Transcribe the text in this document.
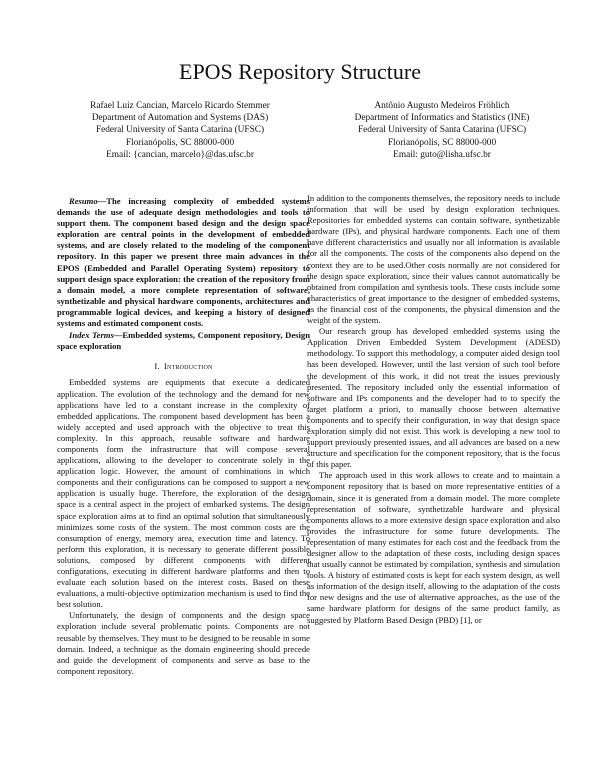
EPOS Repository Structure
Rafael Luiz Cancian, Marcelo Ricardo Stemmer
Department of Automation and Systems (DAS)
Federal University of Santa Catarina (UFSC)
Florianópolis, SC 88000-000
Email: {cancian, marcelo}@das.ufsc.br
Antônio Augusto Medeiros Fröhlich
Department of Informatics and Statistics (INE)
Federal University of Santa Catarina (UFSC)
Florianópolis, SC 88000-000
Email: guto@lisha.ufsc.br

Resumo—The increasing complexity of embedded systems demands the use of adequate design methodologies and tools to support them. The component based design and the design space exploration are central points in the development of embedded systems, and are closely related to the modeling of the component repository. In this paper we present three main advances in the EPOS (Embedded and Parallel Operating System) repository to support design space exploration: the creation of the repository from a domain model, a more complete representation of software, synthetizable and physical hardware components, architectures and programmable logical devices, and keeping a history of designed systems and estimated component costs.

Index Terms—Embedded systems, Component repository, Design space exploration

I. Introduction

Embedded systems are equipments that execute a dedicated application. The evolution of the technology and the demand for new applications have led to a constant increase in the complexity of embedded applications. The component based development has been a widely accepted and used approach with the objective to treat this complexity. In this approach, reusable software and hardware components form the infrastructure that will compose several applications, allowing to the developer to concentrate solely in the application logic. However, the amount of combinations in which components and their configurations can be composed to support a new application is usually huge. Therefore, the exploration of the design space is a central aspect in the project of embarked systems. The design space exploration aims at to find an optimal solution that simultaneously minimizes some costs of the system. The most common costs are the consumption of energy, memory area, execution time and latency. To perform this exploration, it is necessary to generate different possible solutions, composed by different components with different configurations, executing in different hardware platforms and then to evaluate each solution based on the interest costs. Based on these evaluations, a multi-objective optimization mechanism is used to find the best solution.

Unfortunately, the design of components and the design space exploration include several problematic points. Components are not reusable by themselves. They must to be designed to be reusable in some domain. Indeed, a technique as the domain engineering should precede and guide the development of components and serve as base to the component repository.

In addition to the components themselves, the repository needs to include information that will be used by design exploration techniques. Repositories for embedded systems can contain software, synthetizable hardware (IPs), and physical hardware components. Each one of them have different characteristics and usually nor all information is available for all the components. The costs of the components also depend on the context they are to be used.Other costs normally are not considered for the design space exploration, since their values cannot automatically be obtained from compilation and synthesis tools. These costs include some characteristics of great importance to the designer of embedded systems, as the financial cost of the components, the physical dimension and the weight of the system.

Our research group has developed embedded systems using the Application Driven Embedded System Development (ADESD) methodology. To support this methodology, a computer aided design tool has been developed. However, until the last version of such tool before the development of this work, it did not treat the issues previously presented. The repository included only the essential information of software and IPs components and the developer had to to specify the target platform a priori, to manually choose between alternative components and to specify their configuration, in way that design space exploration simply did not exist. This work is developing a new tool to support previously presented issues, and all advances are based on a new structure and specification for the component repository, that is the focus of this paper.

The approach used in this work allows to create and to maintain a component repository that is based on more representative entities of a domain, since it is generated from a domain model. The more complete representation of software, synthetizable hardware and physical components allows to a more extensive design space exploration and also provides the infrastructure for some future developments. The representation of many estimates for each cost and the feedback from the designer allow to the adaptation of these costs, including design spaces that usually cannot be estimated by compilation, synthesis and simulation tools. A history of estimated costs is kept for each system design, as well as information of the design itself, allowing to the adaptation of the costs for new designs and the use of alternative approaches, as the use of the same hardware platform for designs of the same product family, as suggested by Platform Based Design (PBD) [1], or
